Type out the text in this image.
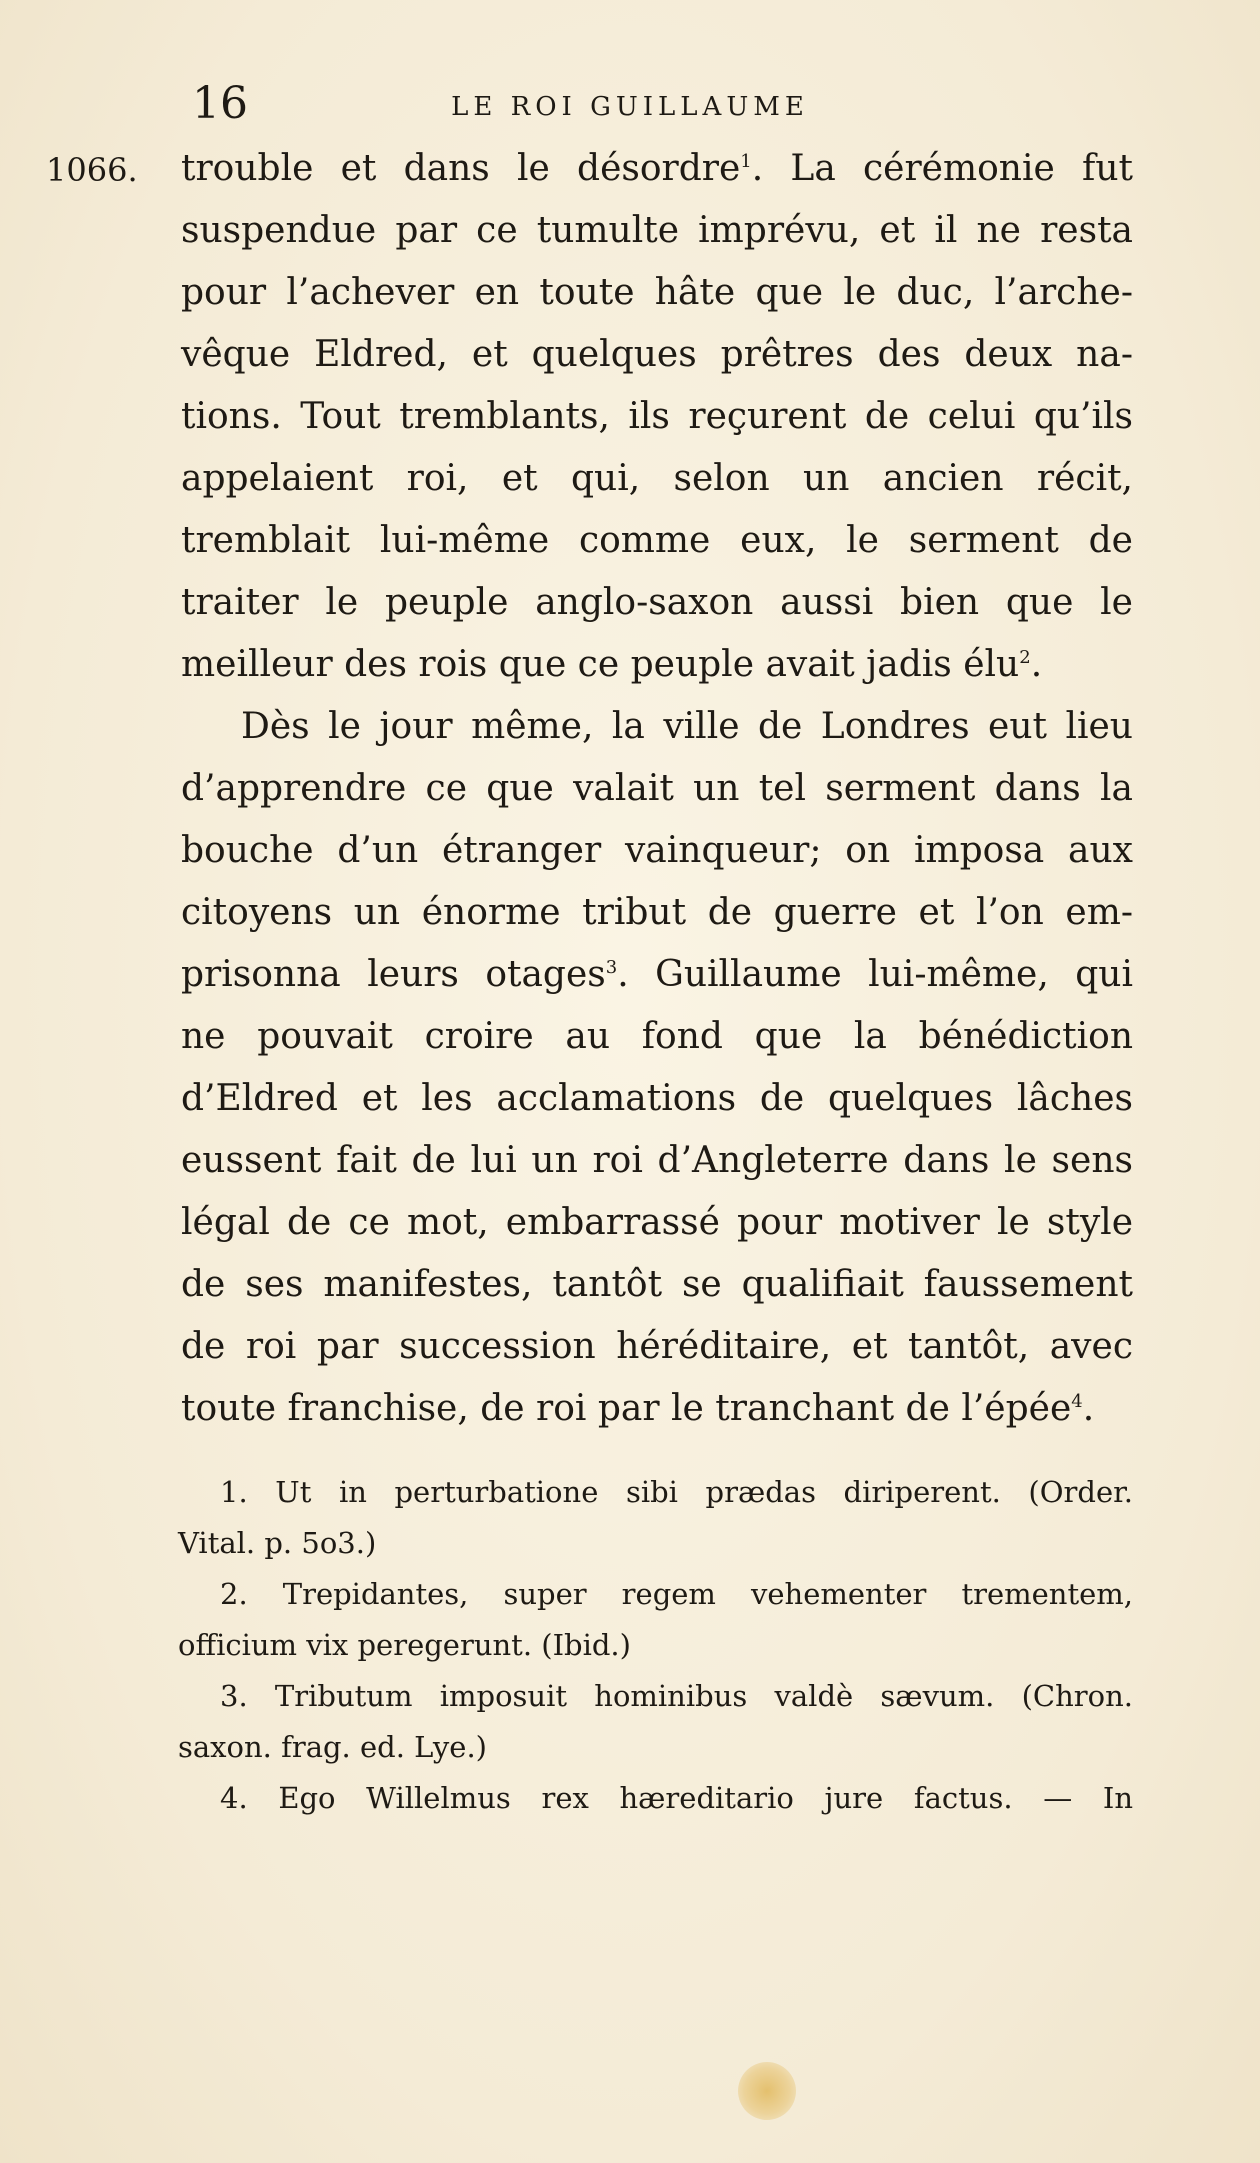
16	LE ROI GUILLAUME
1066. trouble et dans le désordre$^1$. La cérémonie fut
suspendue par ce tumulte imprévu, et il ne resta
pour l’achever en toute hâte que le duc, l’arche-
vêque Eldred, et quelques prêtres des deux na-
tions. Tout tremblants, ils reçurent de celui qu’ils
appelaient roi, et qui, selon un ancien récit,
tremblait lui-même comme eux, le serment de
traiter le peuple anglo-saxon aussi bien que le
meilleur des rois que ce peuple avait jadis élu$^2$.
Dès le jour même, la ville de Londres eut lieu
d’apprendre ce que valait un tel serment dans la
bouche d’un étranger vainqueur; on imposa aux
citoyens un énorme tribut de guerre et l’on em-
prisonna leurs otages$^3$. Guillaume lui-même, qui
ne pouvait croire au fond que la bénédiction
d’Eldred et les acclamations de quelques lâches
eussent fait de lui un roi d’Angleterre dans le sens
légal de ce mot, embarrassé pour motiver le style
de ses manifestes, tantôt se qualifiait faussement
de roi par succession héréditaire, et tantôt, avec
toute franchise, de roi par le tranchant de l’épée$^4$.
1. Ut in perturbatione sibi prædas diriperent. (Order.
Vital. p. 5o3.)
2. Trepidantes, super regem vehementer trementem,
officium vix peregerunt. (Ibid.)
3. Tributum imposuit hominibus valdè sævum. (Chron.
saxon. frag. ed. Lye.)
4. Ego Willelmus rex hæreditario jure factus. — In
